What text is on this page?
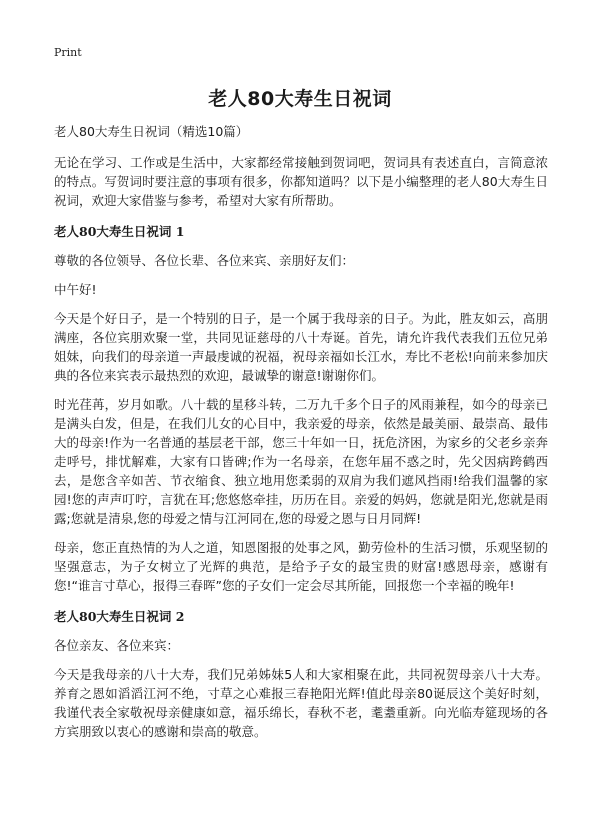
Print
老人80大寿生日祝词

老人80大寿生日祝词（精选10篇）

无论在学习、工作或是生活中，大家都经常接触到贺词吧，贺词具有表述直白，言简意浓的特点。写贺词时要注意的事项有很多，你都知道吗？以下是小编整理的老人80大寿生日祝词，欢迎大家借鉴与参考，希望对大家有所帮助。

老人80大寿生日祝词 1

尊敬的各位领导、各位长辈、各位来宾、亲朋好友们：

中午好!

今天是个好日子，是一个特别的日子，是一个属于我母亲的日子。为此，胜友如云，高朋满座，各位宾朋欢聚一堂，共同见证慈母的八十寿诞。首先，请允许我代表我们五位兄弟姐妹，向我们的母亲道一声最虔诚的祝福，祝母亲福如长江水，寿比不老松!向前来参加庆典的各位来宾表示最热烈的欢迎，最诚挚的谢意!谢谢你们。

时光荏苒，岁月如歌。八十载的星移斗转，二万九千多个日子的风雨兼程，如今的母亲已是满头白发，但是，在我们儿女的心目中，我亲爱的母亲，依然是最美丽、最崇高、最伟大的母亲!作为一名普通的基层老干部，您三十年如一日，抚危济困，为家乡的父老乡亲奔走呼号，排忧解难，大家有口皆碑;作为一名母亲，在您年届不惑之时，先父因病跨鹤西去，是您含辛如苦、节衣缩食、独立地用您柔弱的双肩为我们遮风挡雨!给我们温馨的家园!您的声声叮咛，言犹在耳;您悠悠牵挂，历历在目。亲爱的妈妈，您就是阳光,您就是雨露;您就是清泉,您的母爱之情与江河同在,您的母爱之恩与日月同辉!

母亲，您正直热情的为人之道，知恩图报的处事之风，勤劳俭朴的生活习惯，乐观坚韧的坚强意志，为子女树立了光辉的典范，是给予子女的最宝贵的财富!感恩母亲，感谢有您!“谁言寸草心，报得三春晖”您的子女们一定会尽其所能，回报您一个幸福的晚年!

老人80大寿生日祝词 2

各位亲友、各位来宾：

今天是我母亲的八十大寿，我们兄弟姊妹5人和大家相聚在此，共同祝贺母亲八十大寿。养育之恩如滔滔江河不绝，寸草之心难报三春艳阳光辉!值此母亲80诞辰这个美好时刻，我谨代表全家敬祝母亲健康如意，福乐绵长，春秋不老，耄耋重新。向光临寿筵现场的各方宾朋致以衷心的感谢和崇高的敬意。
